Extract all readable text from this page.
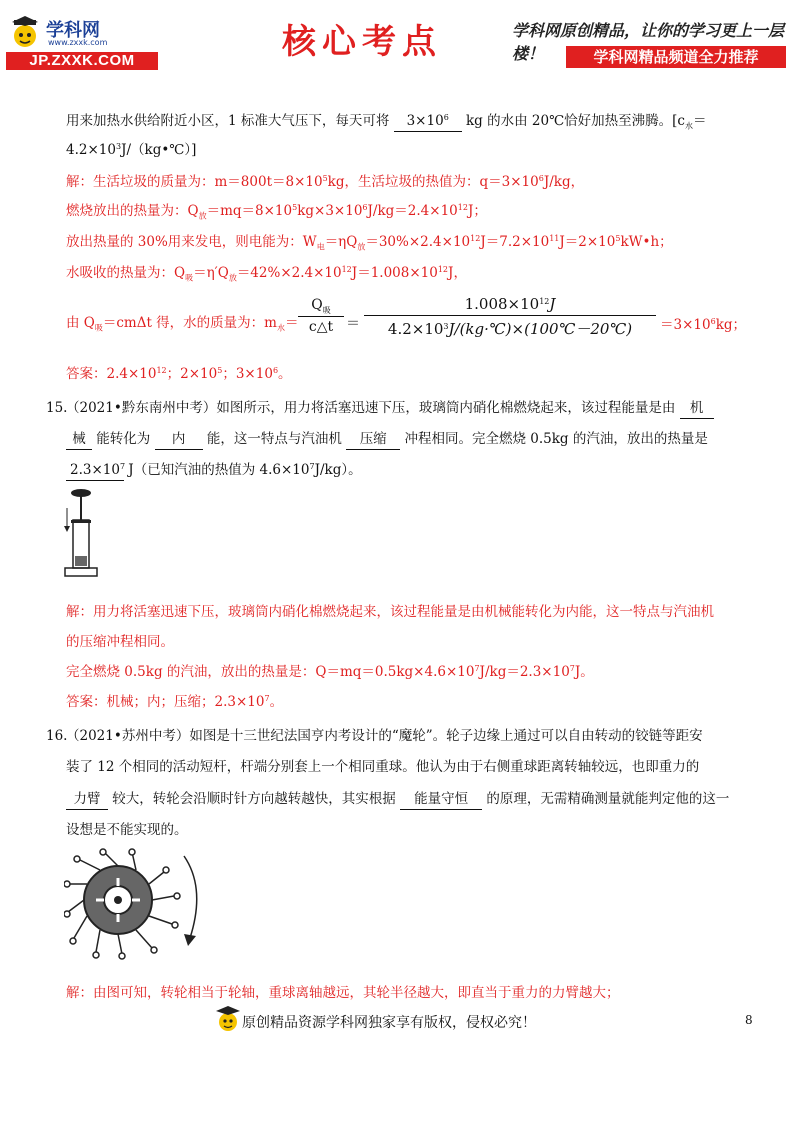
学科网
www.zxxk.com
JP.ZXXK.COM	核心考点	学科网原创精品，让你的学习更上一层楼！	学科网精品频道全力推荐
用来加热水供给附近小区，1 标准大气压下，每天可将 $3\times 10^6$ kg 的水由 20℃恰好加热至沸腾。[$c_水=$
$4.2\times 10^3J/(kg•℃)$]
解：生活垃圾的质量为：$m=800t=8\times 10^5kg$，生活垃圾的热值为：$q=3\times 10^6J/kg$，
燃烧放出的热量为：$Q_放=mq=8\times 10^5kg\times 3\times 10^6J/kg=2.4\times 10^{12}J$；
放出热量的 30%用来发电，则电能为：$W_电=\eta Q_放=30\%\times 2.4\times 10^{12}J=7.2\times 10^{11}J=2\times 10^5kW•h$；
水吸收的热量为：$Q_吸=\eta'Q_放=42\%\times 2.4\times 10^{12}J=1.008\times 10^{12}J$，
由 $Q_吸=cm\Delta t$ 得，水的质量为：$m_水=$
$Q_吸$
c△t ＝ $\frac{1.008\times 10^{12}J}{4.2\times 10^3J/(kg\cdot℃)\times(100℃-20℃)} =3\times 10^6kg$；
答案：$2.4\times 10^{12}$；$2\times 10^5$；$3\times 10^6$。
15.
（2021•黔东南州中考）如图所示，用力将活塞迅速下压，玻璃筒内硝化棉燃烧起来，该过程能量是由 机
械 能转化为 内 能，这一特点与汽油机 压缩 冲程相同。完全燃烧 0.5kg 的汽油，放出的热量是
$2.3\times 10^7$ J（已知汽油的热值为 $4.6\times 10^7J/kg$）。
解：用力将活塞迅速下压，玻璃筒内硝化棉燃烧起来，该过程能量是由机械能转化为内能，这一特点与汽油机
的压缩冲程相同。
完全燃烧 0.5kg 的汽油，放出的热量是：$Q=mq=0.5kg\times 4.6\times 10^7J/kg=2.3\times 10^7J$。
答案：机械；内；压缩；$2.3\times 10^7$。
16.
（2021•苏州中考）如图是十三世纪法国亨内考设计的“魔轮”。轮子边缘上通过可以自由转动的铰链等距安
装了 12 个相同的活动短杆，杆端分别套上一个相同重球。他认为由于右侧重球距离转轴较远，也即重力的
力臂 较大，转轮会沿顺时针方向越转越快，其实根据 能量守恒 的原理，无需精确测量就能判定他的这一
设想是不能实现的。
解：由图可知，转轮相当于轮轴，重球离轴越远，其轮半径越大，即直当于重力的力臂越大；
原创精品资源学科网独家享有版权，侵权必究！	8
